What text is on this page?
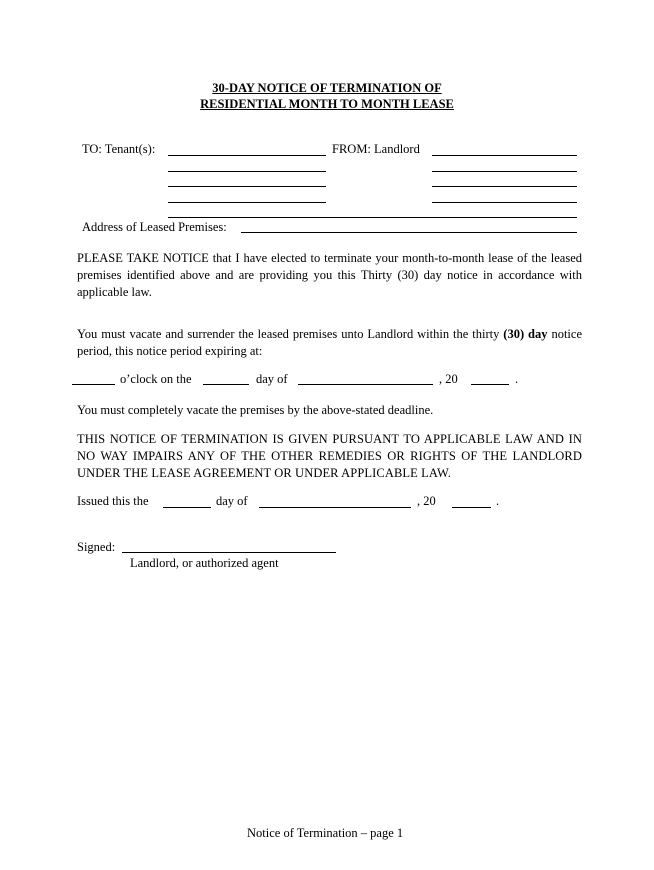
30-DAY NOTICE OF TERMINATION OF
RESIDENTIAL MONTH TO MONTH LEASE
TO: Tenant(s):	FROM: Landlord
Address of Leased Premises:
PLEASE TAKE NOTICE that I have elected to terminate your month-to-month lease of the leased premises identified above and are providing you this Thirty (30) day notice in accordance with applicable law.
You must vacate and surrender the leased premises unto Landlord within the thirty (30) day notice period, this notice period expiring at:
o’clock on the	day of	, 20	.
You must completely vacate the premises by the above-stated deadline.
THIS NOTICE OF TERMINATION IS GIVEN PURSUANT TO APPLICABLE LAW AND IN NO WAY IMPAIRS ANY OF THE OTHER REMEDIES OR RIGHTS OF THE LANDLORD UNDER THE LEASE AGREEMENT OR UNDER APPLICABLE LAW.
Issued this the	day of	, 20	.
Signed:
Landlord, or authorized agent
Notice of Termination – page 1
